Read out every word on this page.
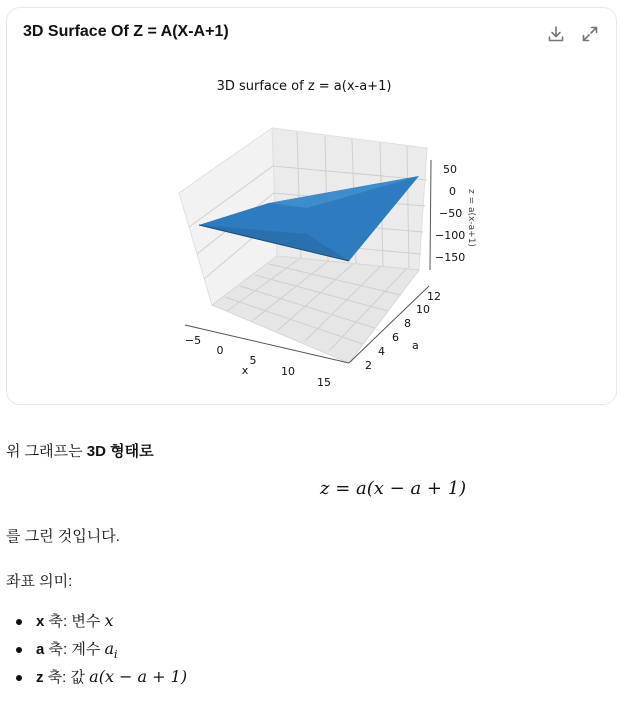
3D Surface Of Z = A(X-A+1)
3D surface of z = a(x-a+1)
−5
0
5
10
15
x	2
4
6
8
10
12
a
50
0
−50
−100
−150
z = a(x-a+1)
위 그래프는 3D 형태로
z = a(x − a + 1)
를 그린 것입니다.
좌표 의미:
x 축: 변수 x
a 축: 계수 $a_i$
z 축: 값 a(x − a + 1)
